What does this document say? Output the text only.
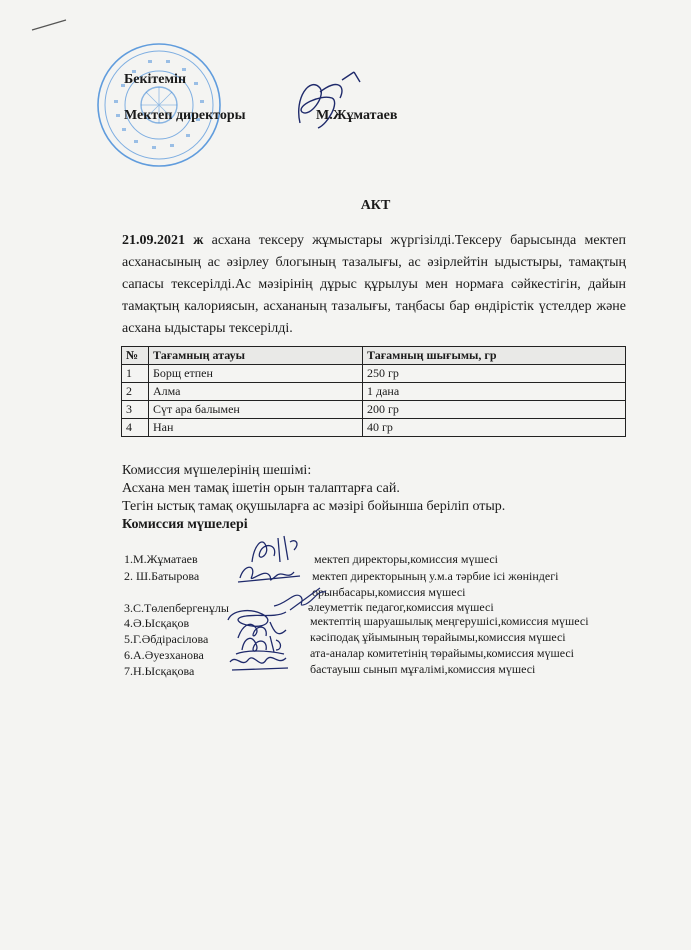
Бекітемін
Мектеп директоры	М.Жұматаев
АКТ
21.09.2021 ж асхана тексеру жұмыстары жүргізілді.Тексеру барысында мектеп асханасының ас әзірлеу блогының тазалығы, ас әзірлейтін ыдыстыры, тамақтың сапасы тексерілді.Ас мәзірінің дұрыс құрылуы мен нормаға сәйкестігін, дайын тамақтың калориясын, асхананың тазалығы, таңбасы бар өндірістік үстелдер және асхана ыдыстары тексерілді.
№	Тағамның атауы	Тағамның шығымы, гр
1	Борщ етпен	250 гр
2	Алма	1 дана
3	Сүт ара балымен	200 гр
4	Нан	40 гр
Комиссия мүшелерінің шешімі:
Асхана мен тамақ ішетін орын талаптарға сай.
Тегін ыстық тамақ оқушыларға ас мәзірі бойынша беріліп отыр.
Комиссия мүшелері
1.М.Жұматаев	мектеп директоры,комиссия мүшесі
2. Ш.Батырова	мектеп директорының у.м.а тәрбие ісі жөніндегі
орынбасары,комиссия мүшесі
3.С.Төлепбергенұлы	әлеуметтік педагог,комиссия мүшесі
4.Ә.Ысқақов	мектептің шаруашылық меңгерушісі,комиссия мүшесі
5.Г.Әбдірасілова	кәсіподақ ұйымының төрайымы,комиссия мүшесі
6.А.Әуезханова	ата-аналар комитетінің төрайымы,комиссия мүшесі
7.Н.Ысқақова	бастауыш сынып мұғалімі,комиссия мүшесі
